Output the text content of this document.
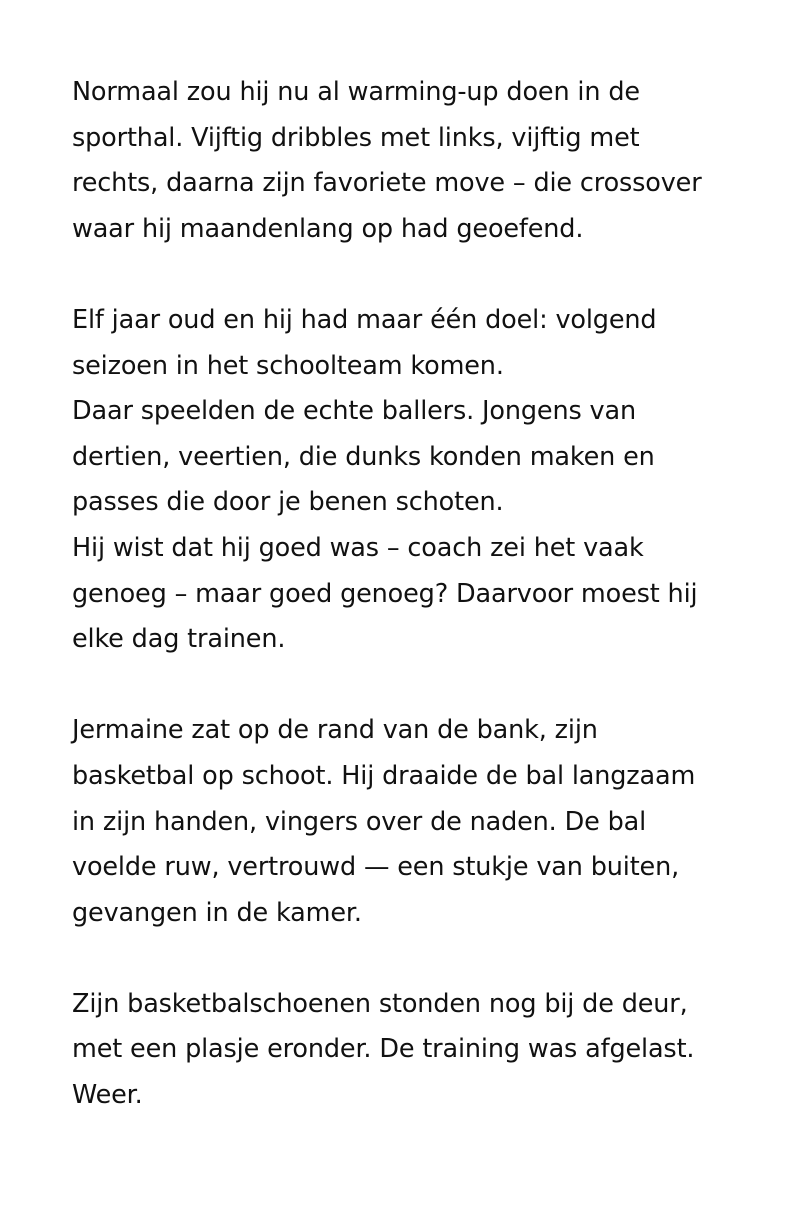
Normaal zou hij nu al warming-up doen in de
sporthal. Vijftig dribbles met links, vijftig met
rechts, daarna zijn favoriete move – die crossover
waar hij maandenlang op had geoefend.

Elf jaar oud en hij had maar één doel: volgend
seizoen in het schoolteam komen.
Daar speelden de echte ballers. Jongens van
dertien, veertien, die dunks konden maken en
passes die door je benen schoten.
Hij wist dat hij goed was – coach zei het vaak
genoeg – maar goed genoeg? Daarvoor moest hij
elke dag trainen.

Jermaine zat op de rand van de bank, zijn
basketbal op schoot. Hij draaide de bal langzaam
in zijn handen, vingers over de naden. De bal
voelde ruw, vertrouwd — een stukje van buiten,
gevangen in de kamer.

Zijn basketbalschoenen stonden nog bij de deur,
met een plasje eronder. De training was afgelast.
Weer.
